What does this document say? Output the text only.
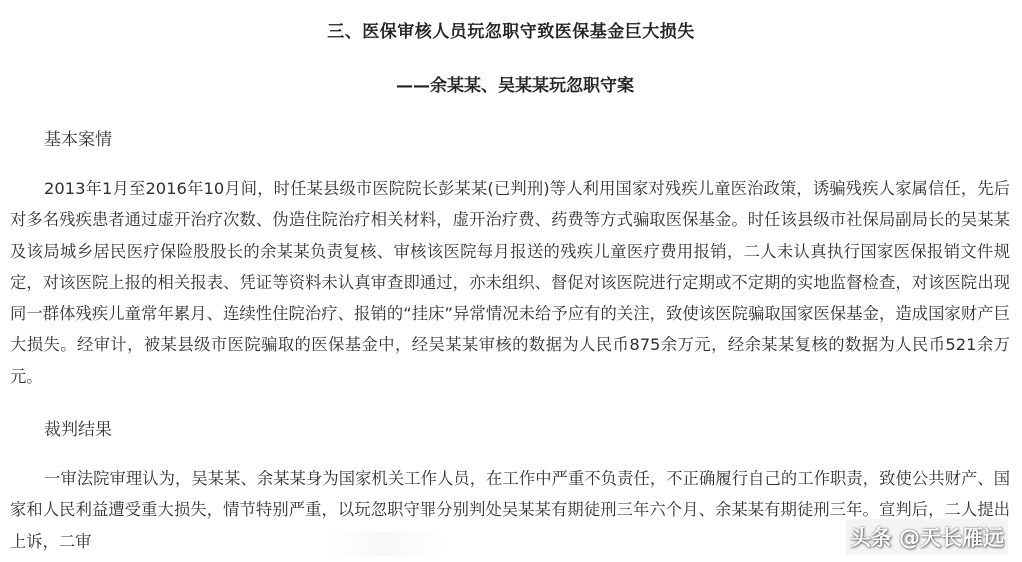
三、医保审核人员玩忽职守致医保基金巨大损失
——余某某、吴某某玩忽职守案
基本案情

2013年1月至2016年10月间，时任某县级市医院院长彭某某(已判刑)等人利用国家对残疾儿童医治政策，诱骗残疾人家属信任，先后对多名残疾患者通过虚开治疗次数、伪造住院治疗相关材料，虚开治疗费、药费等方式骗取医保基金。时任该县级市社保局副局长的吴某某及该局城乡居民医疗保险股股长的余某某负责复核、审核该医院每月报送的残疾儿童医疗费用报销，二人未认真执行国家医保报销文件规定，对该医院上报的相关报表、凭证等资料未认真审查即通过，亦未组织、督促对该医院进行定期或不定期的实地监督检查，对该医院出现同一群体残疾儿童常年累月、连续性住院治疗、报销的“挂床”异常情况未给予应有的关注，致使该医院骗取国家医保基金，造成国家财产巨大损失。经审计，被某县级市医院骗取的医保基金中，经吴某某审核的数据为人民币875余万元，经余某某复核的数据为人民币521余万元。

裁判结果

一审法院审理认为，吴某某、余某某身为国家机关工作人员，在工作中严重不负责任，不正确履行自己的工作职责，致使公共财产、国家和人民利益遭受重大损失，情节特别严重，以玩忽职守罪分别判处吴某某有期徒刑三年六个月、余某某有期徒刑三年。宣判后，二人提出上诉，二审	头条 @天长雁远
